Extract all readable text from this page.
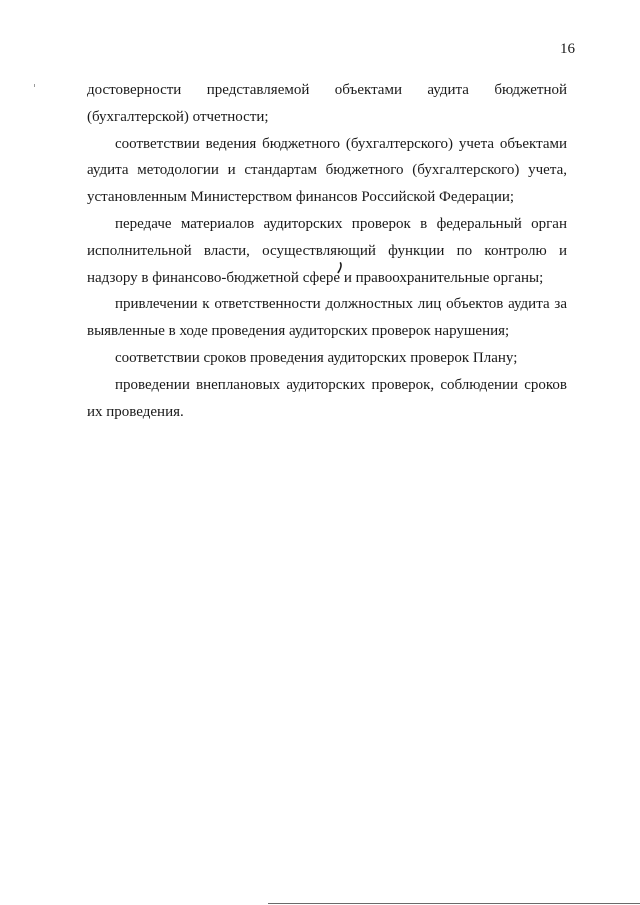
16

достоверности представляемой объектами аудита бюджетной (бухгалтерской) отчетности;

соответствии ведения бюджетного (бухгалтерского) учета объектами аудита методологии и стандартам бюджетного (бухгалтерского) учета, установленным Министерством финансов Российской Федерации;

передаче материалов аудиторских проверок в федеральный орган исполнительной власти, осуществляющий функции по контролю и надзору в финансово-бюджетной сфере и правоохранительные органы;

привлечении к ответственности должностных лиц объектов аудита за выявленные в ходе проведения аудиторских проверок нарушения;

соответствии сроков проведения аудиторских проверок Плану;

проведении внеплановых аудиторских проверок, соблюдении сроков их проведения.
